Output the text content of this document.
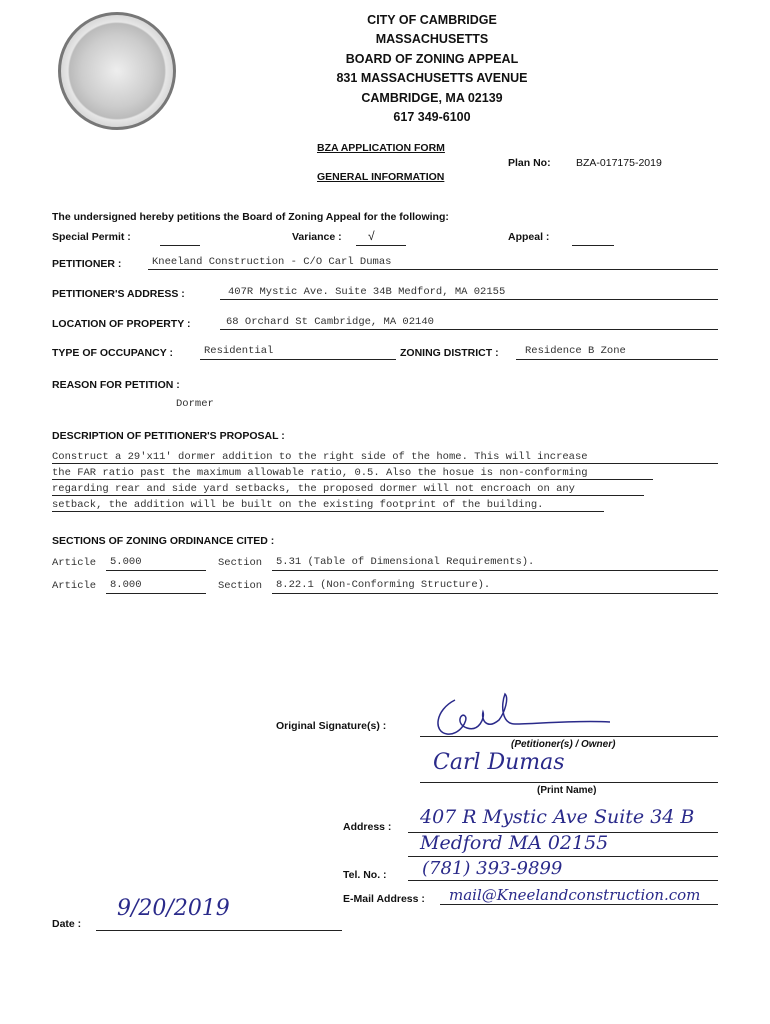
CITY OF CAMBRIDGE
MASSACHUSETTS
BOARD OF ZONING APPEAL
831 MASSACHUSETTS AVENUE
CAMBRIDGE, MA 02139
617 349-6100
BZA APPLICATION FORM
GENERAL INFORMATION
Plan No: BZA-017175-2019
The undersigned hereby petitions the Board of Zoning Appeal for the following:
Special Permit :	Variance : √	Appeal :
PETITIONER :	Kneeland Construction - C/O Carl Dumas
PETITIONER'S ADDRESS :	407R Mystic Ave. Suite 34B Medford, MA 02155
LOCATION OF PROPERTY :	68 Orchard St Cambridge, MA 02140
TYPE OF OCCUPANCY :	Residential	ZONING DISTRICT :	Residence B Zone
REASON FOR PETITION :
Dormer
DESCRIPTION OF PETITIONER'S PROPOSAL :
Construct a 29'x11' dormer addition to the right side of the home. This will increase
the FAR ratio past the maximum allowable ratio, 0.5. Also the hosue is non-conforming
regarding rear and side yard setbacks, the proposed dormer will not encroach on any
setback, the addition will be built on the existing footprint of the building.
SECTIONS OF ZONING ORDINANCE CITED :
Article 5.000	Section 5.31 (Table of Dimensional Requirements).
Article 8.000	Section 8.22.1 (Non-Conforming Structure).
Original Signature(s) :
(Petitioner(s) / Owner)
Carl Dumas
(Print Name)
Address : 407 R Mystic Ave Suite 34 B
Medford MA 02155
Tel. No. : (781) 393-9899
E-Mail Address : mail@Kneelandconstruction.com
Date :
9/20/2019
